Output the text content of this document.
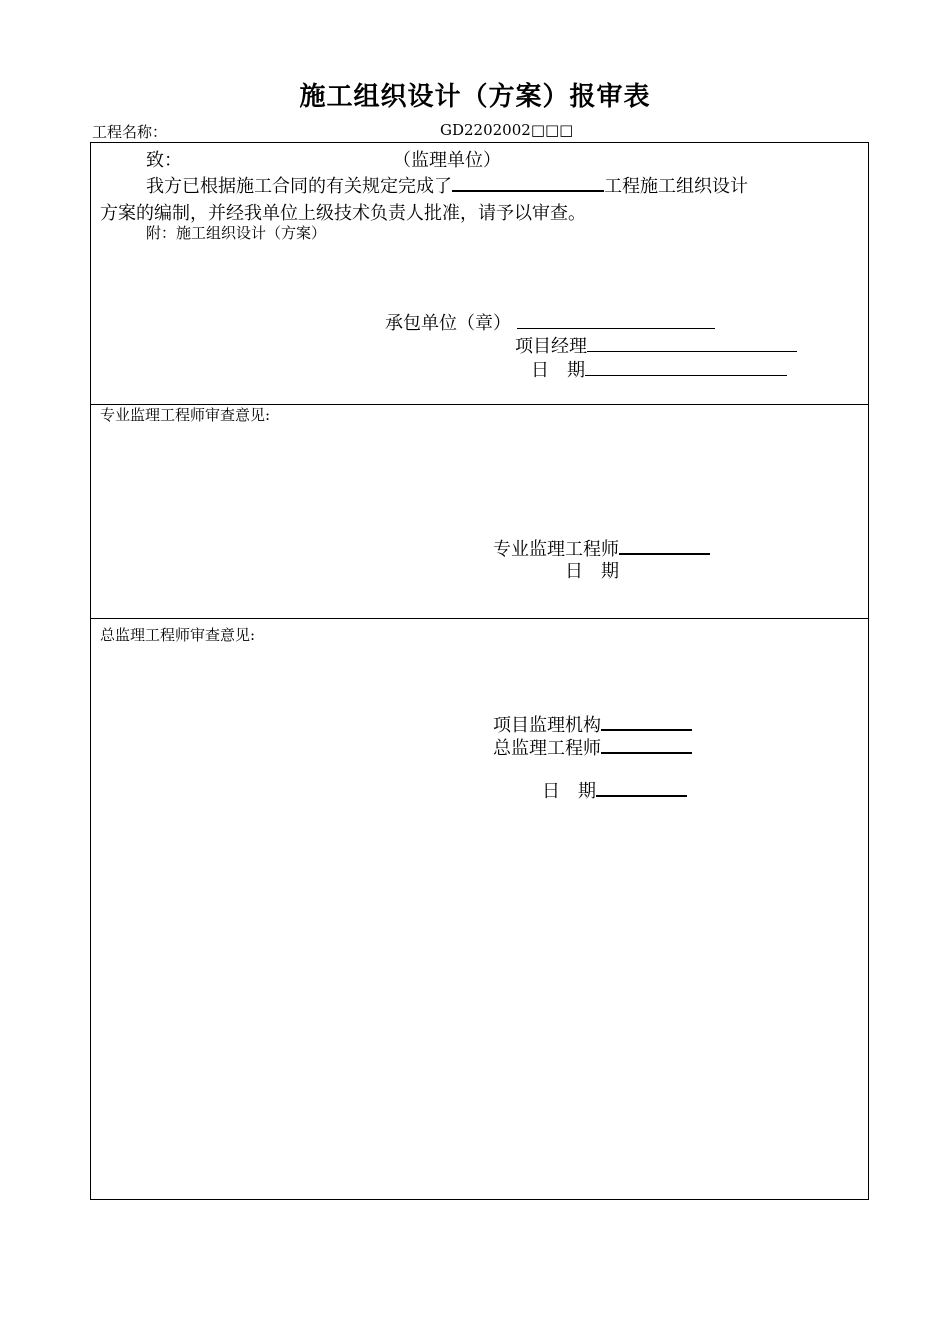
施工组织设计（方案）报审表
工程名称：	GD2202002□□□
致：	（监理单位）
我方已根据施工合同的有关规定完成了	工程施工组织设计
方案的编制，并经我单位上级技术负责人批准，请予以审查。
附：施工组织设计（方案）
承包单位（章）
项目经理
日　期
专业监理工程师审查意见:
专业监理工程师
日　期
总监理工程师审查意见:
项目监理机构
总监理工程师
日　期
